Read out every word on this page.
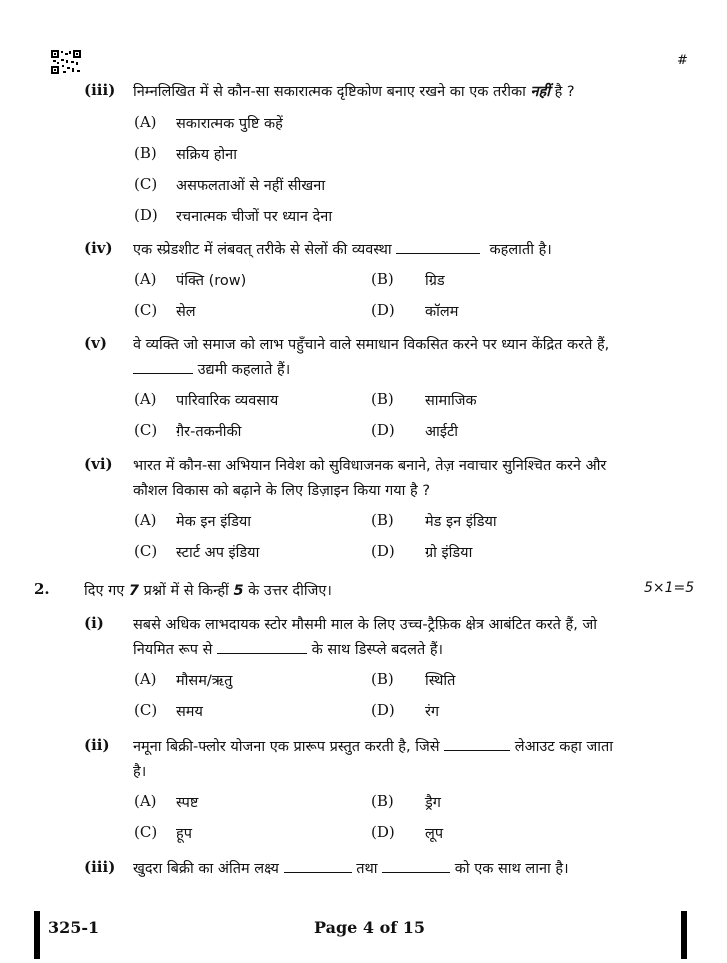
#
(iii) निम्नलिखित में से कौन-सा सकारात्मक दृष्टिकोण बनाए रखने का एक तरीका नहीं है ?
(A) सकारात्मक पुष्टि कहें
(B) सक्रिय होना
(C) असफलताओं से नहीं सीखना
(D) रचनात्मक चीजों पर ध्यान देना
(iv) एक स्प्रेडशीट में लंबवत् तरीके से सेलों की व्यवस्था	कहलाती है।
(A) पंक्ति (row)	(B) ग्रिड
(C) सेल	(D) कॉलम
(v) वे व्यक्ति जो समाज को लाभ पहुँचाने वाले समाधान विकसित करने पर ध्यान केंद्रित करते हैं,
उद्यमी कहलाते हैं।
(A) पारिवारिक व्यवसाय	(B) सामाजिक
(C) ग़ैर-तकनीकी	(D) आईटी
(vi) भारत में कौन-सा अभियान निवेश को सुविधाजनक बनाने, तेज़ नवाचार सुनिश्चित करने और
कौशल विकास को बढ़ाने के लिए डिज़ाइन किया गया है ?
(A) मेक इन इंडिया	(B) मेड इन इंडिया
(C) स्टार्ट अप इंडिया	(D) ग्रो इंडिया
2. दिए गए 7 प्रश्नों में से किन्हीं 5 के उत्तर दीजिए।	5×1=5
(i) सबसे अधिक लाभदायक स्टोर मौसमी माल के लिए उच्च-ट्रैफ़िक क्षेत्र आबंटित करते हैं, जो
नियमित रूप से	के साथ डिस्प्ले बदलते हैं।
(A) मौसम/ऋतु	(B) स्थिति
(C) समय	(D) रंग
(ii) नमूना बिक्री-फ्लोर योजना एक प्रारूप प्रस्तुत करती है, जिसे	लेआउट कहा जाता
है।
(A) स्पष्ट	(B) ड्रैग
(C) हूप	(D) लूप
(iii) खुदरा बिक्री का अंतिम लक्ष्य	तथा	को एक साथ लाना है।
325-1	Page 4 of 15
